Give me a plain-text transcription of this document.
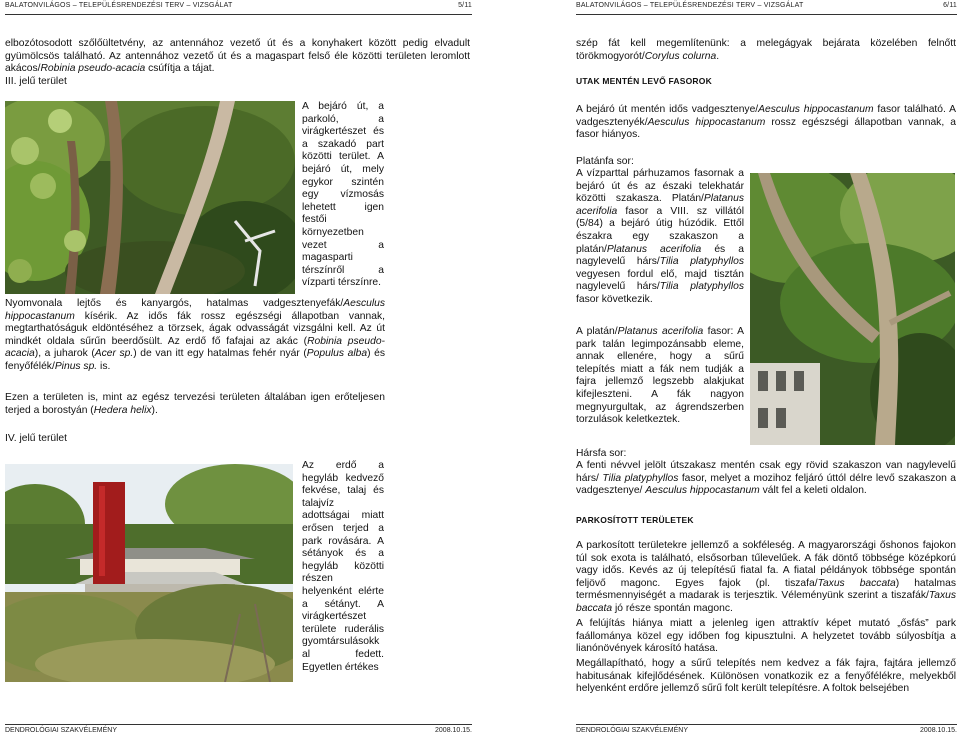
BALATONVILÁGOS – TELEPÜLÉSRENDEZÉSI TERV – VIZSGÁLAT	5/11

elbozótosodott szőlőültetvény, az antennához vezető út és a konyhakert között pedig elvadult gyümölcsös található. Az antennához vezető út és a magaspart felső éle közötti területen leromlott akácos/Robinia pseudo-acacia csúfítja a tájat.

III. jelű terület

A bejáró út, a parkoló, a virágkertészet és a szakadó part közötti terület. A bejáró út, mely egykor szintén egy vízmosás lehetett igen festői környezetben vezet a magasparti térszínről a vízparti térszínre.

Nyomvonala lejtős és kanyargós, hatalmas vadgesztenyefák/Aesculus hippocastanum kísérik. Az idős fák rossz egészségi állapotban vannak, megtarthatóságuk eldöntéséhez a törzsek, ágak odvasságát vizsgálni kell. Az út mindkét oldala sűrűn beerdősült. Az erdő fő fafajai az akác (Robinia pseudo-acacia), a juharok (Acer sp.) de van itt egy hatalmas fehér nyár (Populus alba) és fenyőfélék/Pinus sp. is.

Ezen a területen is, mint az egész tervezési területen általában igen erőteljesen terjed a borostyán (Hedera helix).

IV. jelű terület

Az erdő a hegyláb kedvező fekvése, talaj és talajvíz adottságai miatt erősen terjed a park rovására. A sétányok és a hegyláb közötti részen helyenként elérte a sétányt. A virágkertészet területe ruderális gyomtársulásokk al fedett. Egyetlen értékes

DENDROLÓGIAI SZAKVÉLEMÉNY	2008.10.15.
BALATONVILÁGOS – TELEPÜLÉSRENDEZÉSI TERV – VIZSGÁLAT	6/11

szép fát kell megemlítenünk: a melegágyak bejárata közelében felnőtt törökmogyorót/Corylus colurna.

UTAK MENTÉN LEVŐ FASOROK

A bejáró út mentén idős vadgesztenye/Aesculus hippocastanum fasor található. A vadgesztenyék/Aesculus hippocastanum rossz egészségi állapotban vannak, a fasor hiányos.

Platánfa sor:

A vízparttal párhuzamos fasornak a bejáró út és az északi telekhatár közötti szakasza. Platán/Platanus acerifolia fasor a VIII. sz villától (5/84) a bejáró útig húzódik. Ettől északra egy szakaszon a platán/Platanus acerifolia és a nagylevelű hárs/Tilia platyphyllos vegyesen fordul elő, majd tisztán nagylevelű hárs/Tilia platyphyllos fasor következik.

A platán/Platanus acerifolia fasor: A park talán legimpozánsabb eleme, annak ellenére, hogy a sűrű telepítés miatt a fák nem tudják a fajra jellemző legszebb alakjukat kifejleszteni. A fák nagyon megnyurgultak, az ágrendszerben torzulások keletkeztek.

Hársfa sor:

A fenti névvel jelölt útszakasz mentén csak egy rövid szakaszon van nagylevelű hárs/ Tilia platyphyllos fasor, melyet a mozihoz feljáró úttól délre levő szakaszon a vadgesztenye/ Aesculus hippocastanum vált fel a keleti oldalon.

PARKOSÍTOTT TERÜLETEK

A parkosított területekre jellemző a sokféleség. A magyarországi őshonos fajokon túl sok exota is található, elsősorban tűlevelűek. A fák döntő többsége középkorú vagy idős. Kevés az új telepítésű fiatal fa. A fiatal példányok többsége spontán feljövő magonc. Egyes fajok (pl. tiszafa/Taxus baccata) hatalmas termésmennyiségét a madarak is terjesztik. Véleményünk szerint a tiszafák/Taxus baccata jó része spontán magonc.

A felújítás hiánya miatt a jelenleg igen attraktív képet mutató „ősfás” park faállománya közel egy időben fog kipusztulni. A helyzetet tovább súlyosbítja a lianónövények károsító hatása.

Megállapítható, hogy a sűrű telepítés nem kedvez a fák fajra, fajtára jellemző habitusának kifejlődésének. Különösen vonatkozik ez a fenyőfélékre, melyekből helyenként erdőre jellemző sűrű folt került telepítésre. A foltok belsejében

DENDROLÓGIAI SZAKVÉLEMÉNY	2008.10.15.
